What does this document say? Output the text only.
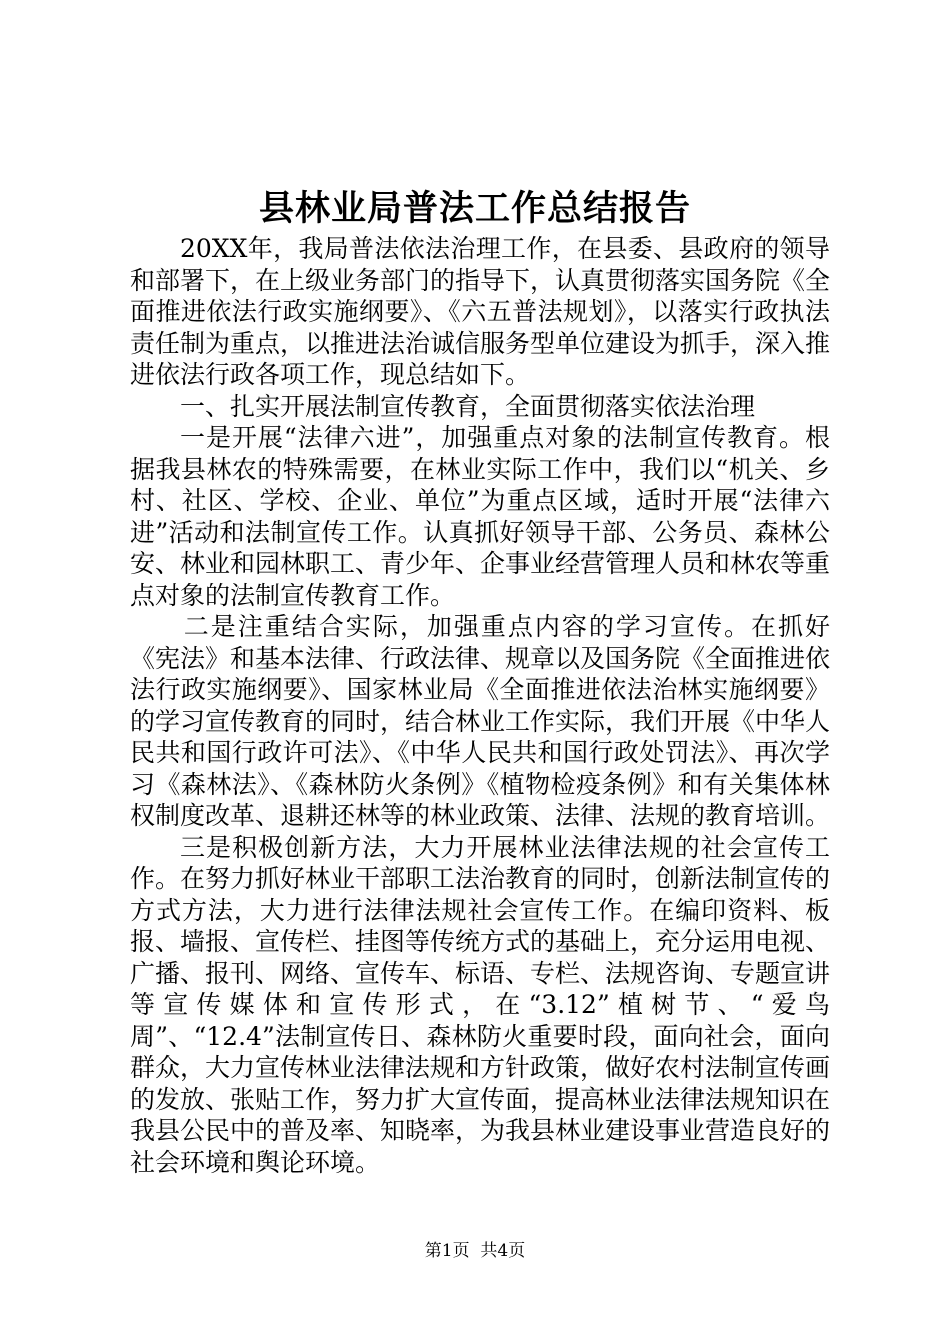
县林业局普法工作总结报告

20XX年，我局普法依法治理工作，在县委、县政府的领导和部署下，在上级业务部门的指导下，认真贯彻落实国务院《全面推进依法行政实施纲要》、《六五普法规划》，以落实行政执法责任制为重点，以推进法治诚信服务型单位建设为抓手，深入推进依法行政各项工作，现总结如下。

一、扎实开展法制宣传教育，全面贯彻落实依法治理

一是开展“法律六进”，加强重点对象的法制宣传教育。根据我县林农的特殊需要，在林业实际工作中，我们以“机关、乡村、社区、学校、企业、单位”为重点区域，适时开展“法律六进”活动和法制宣传工作。认真抓好领导干部、公务员、森林公安、林业和园林职工、青少年、企事业经营管理人员和林农等重点对象的法制宣传教育工作。

二是注重结合实际，加强重点内容的学习宣传。在抓好《宪法》和基本法律、行政法律、规章以及国务院《全面推进依法行政实施纲要》、国家林业局《全面推进依法治林实施纲要》的学习宣传教育的同时，结合林业工作实际，我们开展《中华人民共和国行政许可法》、《中华人民共和国行政处罚法》、再次学习《森林法》、《森林防火条例》《植物检疫条例》和有关集体林权制度改革、退耕还林等的林业政策、法律、法规的教育培训。

三是积极创新方法，大力开展林业法律法规的社会宣传工作。在努力抓好林业干部职工法治教育的同时，创新法制宣传的方式方法，大力进行法律法规社会宣传工作。在编印资料、板报、墙报、宣传栏、挂图等传统方式的基础上，充分运用电视、广播、报刊、网络、宣传车、标语、专栏、法规咨询、专题宣讲等宣传媒体和宣传形式，在“3.12”植树节、“爱鸟周”、“12.4”法制宣传日、森林防火重要时段，面向社会，面向群众，大力宣传林业法律法规和方针政策，做好农村法制宣传画的发放、张贴工作，努力扩大宣传面，提高林业法律法规知识在我县公民中的普及率、知晓率，为我县林业建设事业营造良好的社会环境和舆论环境。

第1页 共4页
